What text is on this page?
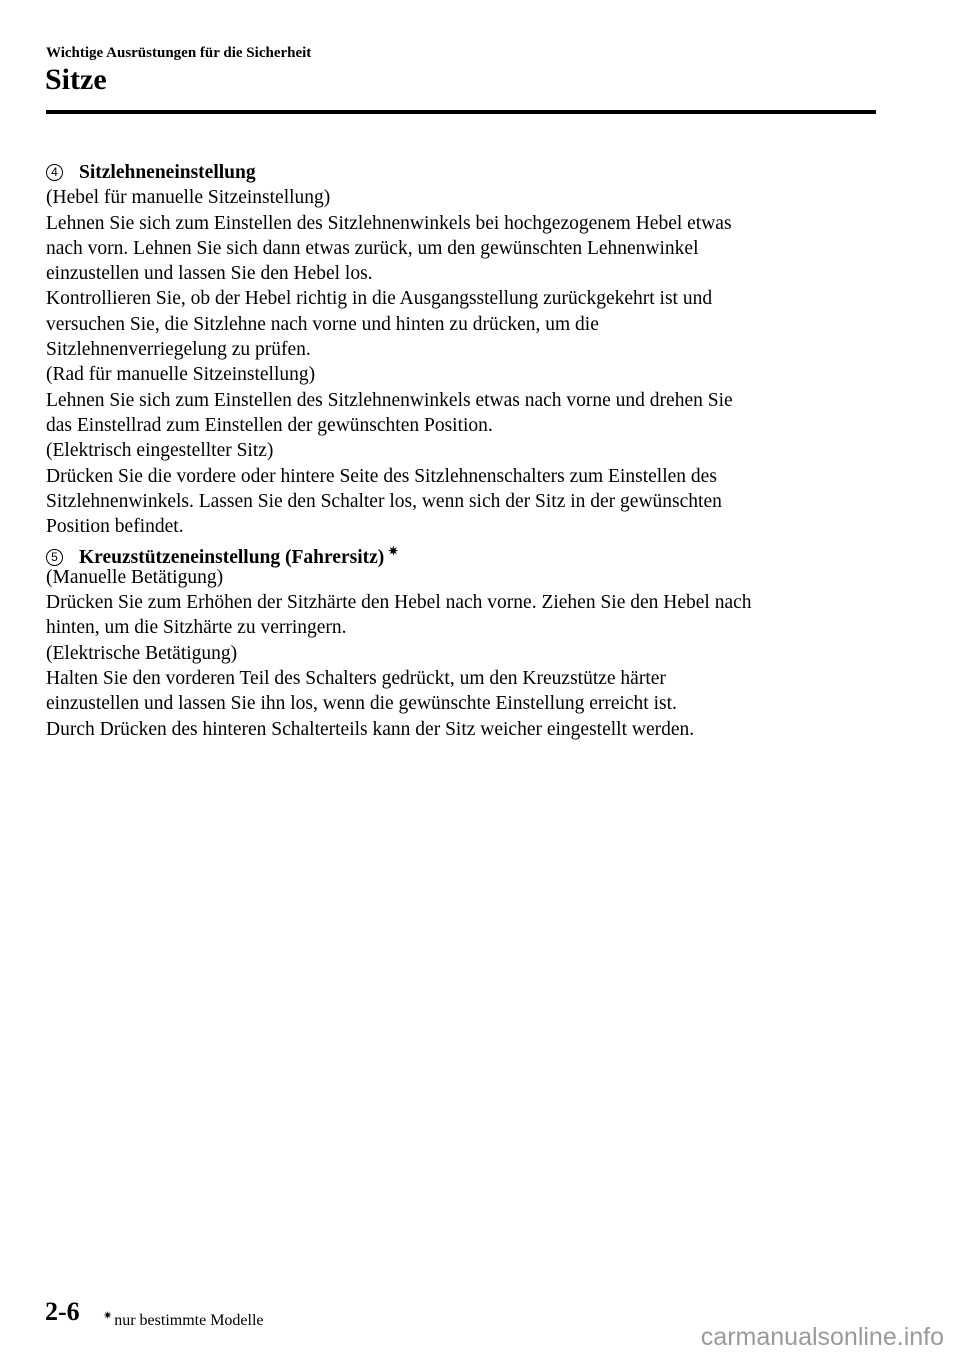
Wichtige Ausrüstungen für die Sicherheit
Sitze
4 Sitzlehneneinstellung
(Hebel für manuelle Sitzeinstellung)
Lehnen Sie sich zum Einstellen des Sitzlehnenwinkels bei hochgezogenem Hebel etwas
nach vorn. Lehnen Sie sich dann etwas zurück, um den gewünschten Lehnenwinkel
einzustellen und lassen Sie den Hebel los.
Kontrollieren Sie, ob der Hebel richtig in die Ausgangsstellung zurückgekehrt ist und
versuchen Sie, die Sitzlehne nach vorne und hinten zu drücken, um die
Sitzlehnenverriegelung zu prüfen.
(Rad für manuelle Sitzeinstellung)
Lehnen Sie sich zum Einstellen des Sitzlehnenwinkels etwas nach vorne und drehen Sie
das Einstellrad zum Einstellen der gewünschten Position.
(Elektrisch eingestellter Sitz)
Drücken Sie die vordere oder hintere Seite des Sitzlehnenschalters zum Einstellen des
Sitzlehnenwinkels. Lassen Sie den Schalter los, wenn sich der Sitz in der gewünschten
Position befindet.
5 Kreuzstützeneinstellung (Fahrersitz) ✷
(Manuelle Betätigung)
Drücken Sie zum Erhöhen der Sitzhärte den Hebel nach vorne. Ziehen Sie den Hebel nach
hinten, um die Sitzhärte zu verringern.
(Elektrische Betätigung)
Halten Sie den vorderen Teil des Schalters gedrückt, um den Kreuzstütze härter
einzustellen und lassen Sie ihn los, wenn die gewünschte Einstellung erreicht ist.
Durch Drücken des hinteren Schalterteils kann der Sitz weicher eingestellt werden.
2-6 ✷ nur bestimmte Modelle
carmanualsonline.info
